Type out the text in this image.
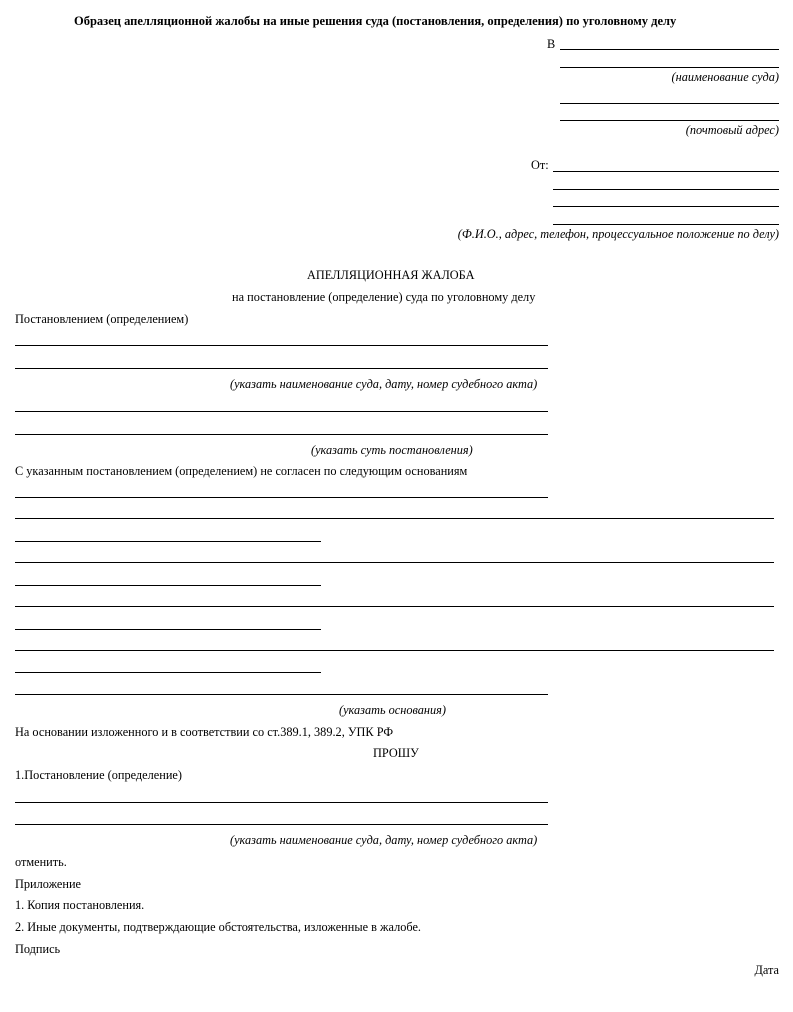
Образец апелляционной жалобы на иные решения суда (постановления, определения) по уголовному делу
В
(наименование суда)
(почтовый адрес)
От:
(Ф.И.О., адрес, телефон, процессуальное положение по делу)
АПЕЛЛЯЦИОННАЯ ЖАЛОБА
на постановление (определение) суда по уголовному делу
Постановлением (определением)
(указать наименование суда, дату, номер судебного акта)
(указать суть постановления)
С указанным постановлением (определением) не согласен по следующим основаниям
(указать основания)
На основании изложенного и в соответствии со ст.389.1, 389.2, УПК РФ
ПРОШУ
1.Постановление (определение)
(указать наименование суда, дату, номер судебного акта)
отменить.
Приложение
1. Копия постановления.
2. Иные документы, подтверждающие обстоятельства, изложенные в жалобе.
Подпись
Дата
